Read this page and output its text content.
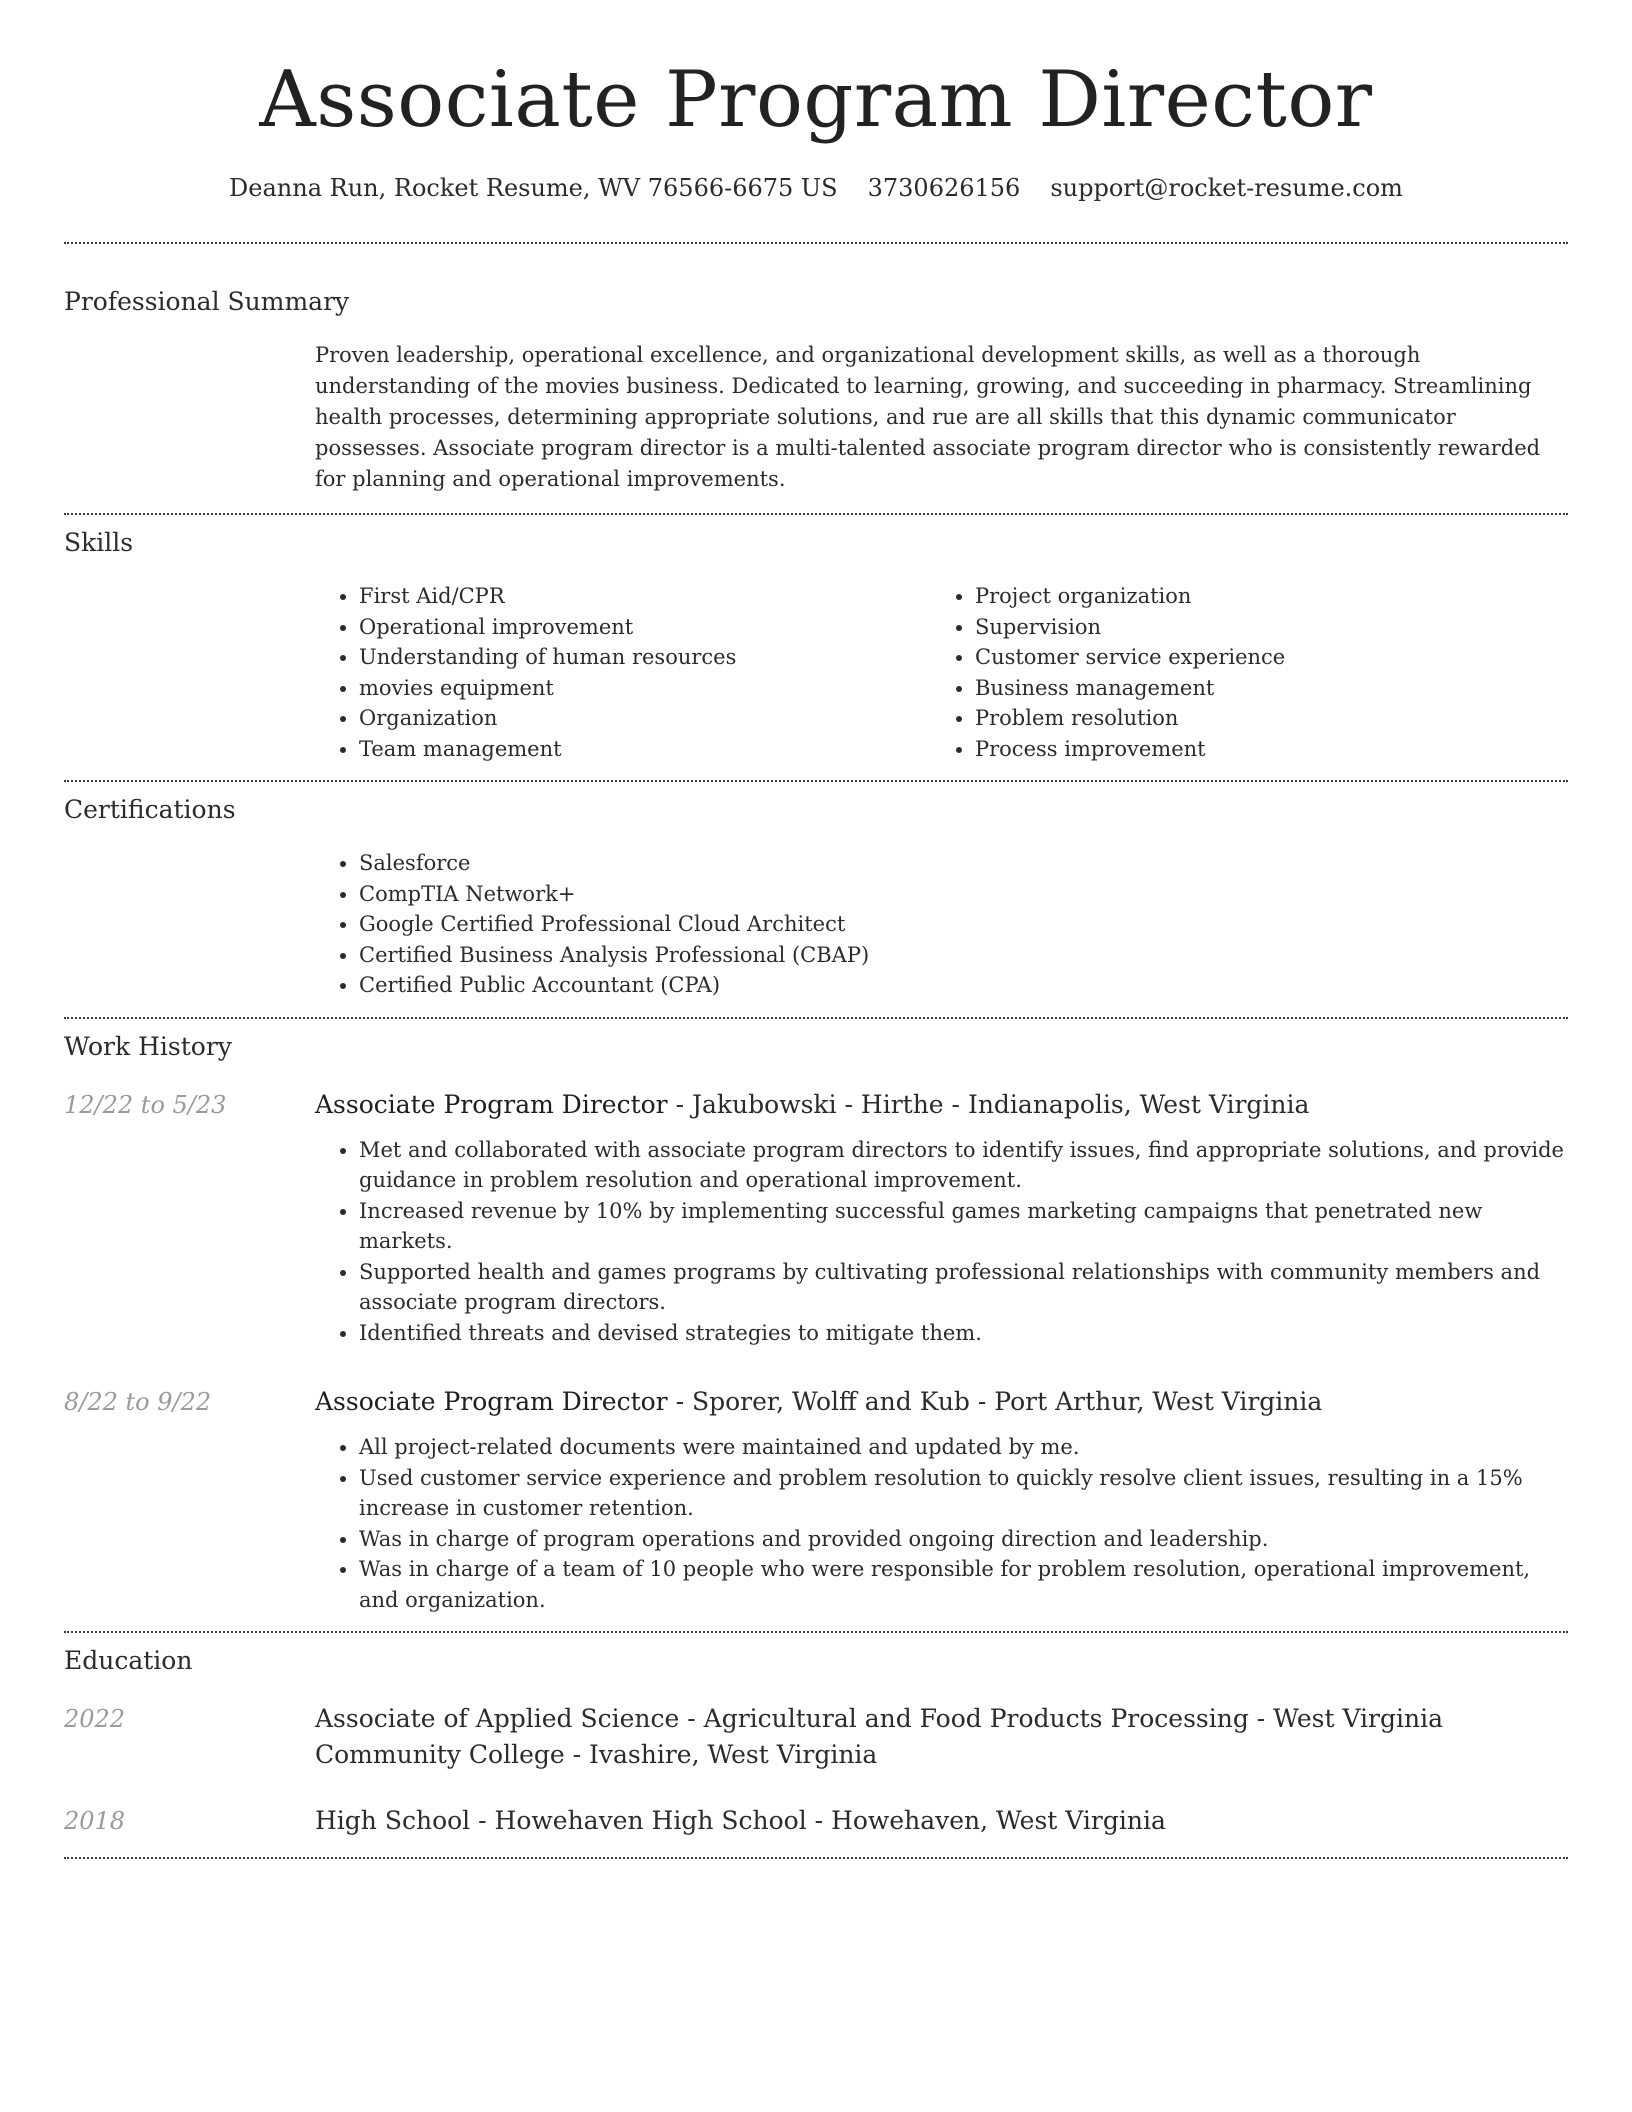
Associate Program Director
Deanna Run, Rocket Resume, WV 76566-6675 US 3730626156 support@rocket-resume.com
Professional Summary

Proven leadership, operational excellence, and organizational development skills, as well as a thorough understanding of the movies business. Dedicated to learning, growing, and succeeding in pharmacy. Streamlining health processes, determining appropriate solutions, and rue are all skills that this dynamic communicator possesses. Associate program director is a multi-talented associate program director who is consistently rewarded for planning and operational improvements.

Skills
• First Aid/CPR
• Operational improvement
• Understanding of human resources
• movies equipment
• Organization
• Team management
• Project organization
• Supervision
• Customer service experience
• Business management
• Problem resolution
• Process improvement
Certifications
• Salesforce
• CompTIA Network+
• Google Certified Professional Cloud Architect
• Certified Business Analysis Professional (CBAP)
• Certified Public Accountant (CPA)
Work History
12/22 to 5/23	Associate Program Director - Jakubowski - Hirthe - Indianapolis, West Virginia
• Met and collaborated with associate program directors to identify issues, find appropriate solutions, and provide guidance in problem resolution and operational improvement.
• Increased revenue by 10% by implementing successful games marketing campaigns that penetrated new markets.
• Supported health and games programs by cultivating professional relationships with community members and associate program directors.
• Identified threats and devised strategies to mitigate them.
8/22 to 9/22	Associate Program Director - Sporer, Wolff and Kub - Port Arthur, West Virginia
• All project-related documents were maintained and updated by me.
• Used customer service experience and problem resolution to quickly resolve client issues, resulting in a 15% increase in customer retention.
• Was in charge of program operations and provided ongoing direction and leadership.
• Was in charge of a team of 10 people who were responsible for problem resolution, operational improvement, and organization.
Education
2022	Associate of Applied Science - Agricultural and Food Products Processing - West Virginia Community College - Ivashire, West Virginia
2018	High School - Howehaven High School - Howehaven, West Virginia
